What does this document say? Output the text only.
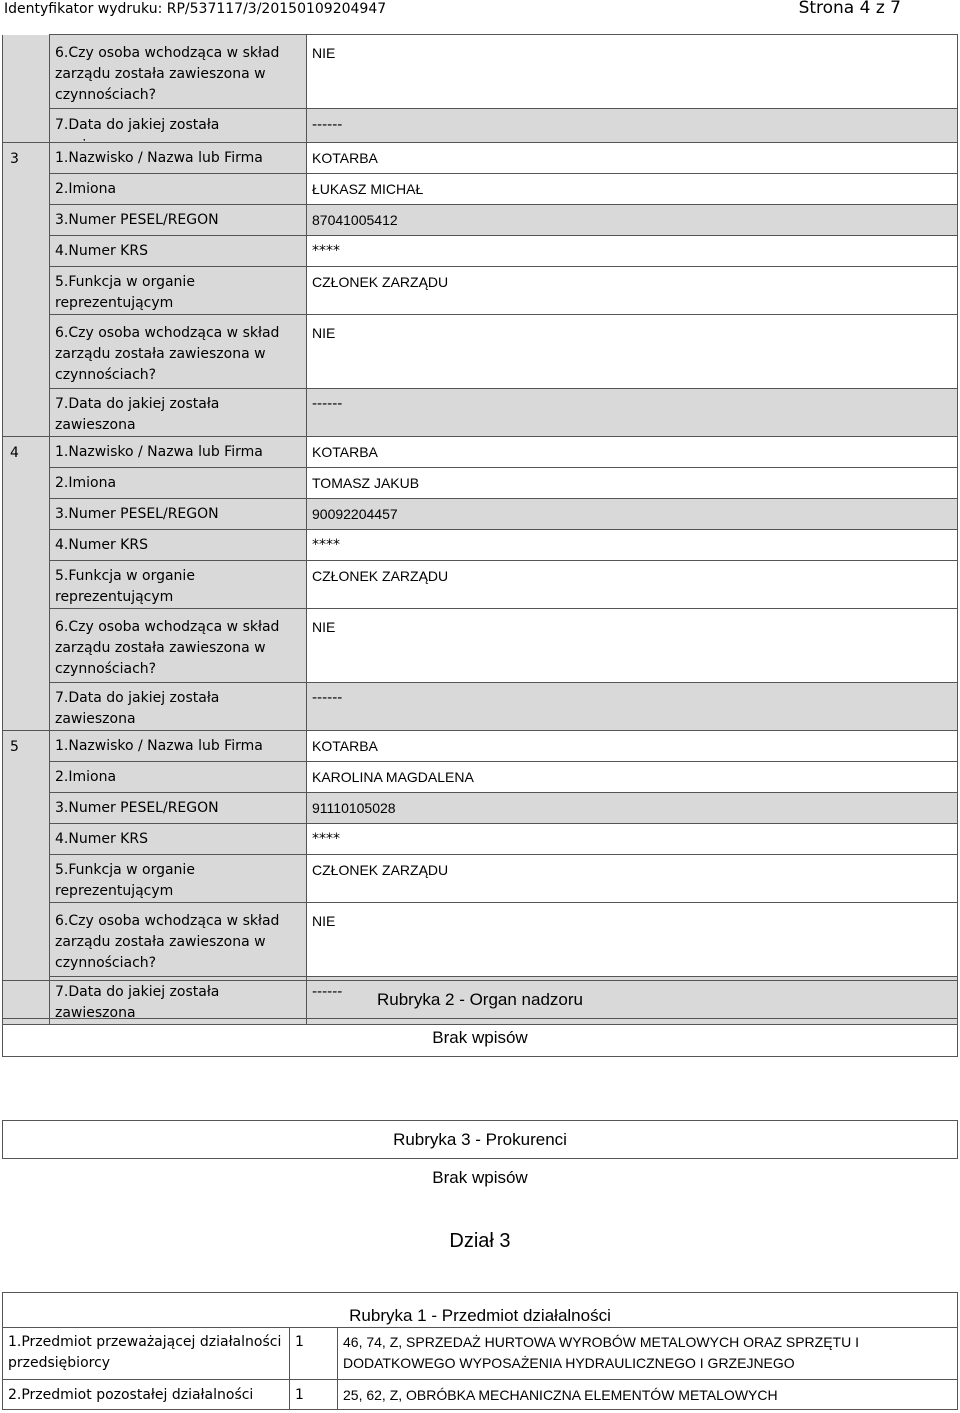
Identyfikator wydruku: RP/537117/3/20150109204947	Strona 4 z 7
	6.Czy osoba wchodząca w skład zarządu została zawieszona w czynnościach?	NIE
	7.Data do jakiej została	------
3	1.Nazwisko / Nazwa lub Firma	KOTARBA
	2.Imiona	ŁUKASZ MICHAŁ
	3.Numer PESEL/REGON	87041005412
	4.Numer KRS	****
	5.Funkcja w organie reprezentującym	CZŁONEK ZARZĄDU
	6.Czy osoba wchodząca w skład zarządu została zawieszona w czynnościach?	NIE
	7.Data do jakiej została zawieszona	------
4	1.Nazwisko / Nazwa lub Firma	KOTARBA
	2.Imiona	TOMASZ JAKUB
	3.Numer PESEL/REGON	90092204457
	4.Numer KRS	****
	5.Funkcja w organie reprezentującym	CZŁONEK ZARZĄDU
	6.Czy osoba wchodząca w skład zarządu została zawieszona w czynnościach?	NIE
	7.Data do jakiej została zawieszona	------
5	1.Nazwisko / Nazwa lub Firma	KOTARBA
	2.Imiona	KAROLINA MAGDALENA
	3.Numer PESEL/REGON	91110105028
	4.Numer KRS	****
	5.Funkcja w organie reprezentującym	CZŁONEK ZARZĄDU
	6.Czy osoba wchodząca w skład zarządu została zawieszona w czynnościach?	NIE
	7.Data do jakiej została zawieszona	------ Rubryka 2 - Organ nadzoru
Brak wpisów
Rubryka 3 - Prokurenci
Brak wpisów
Dział 3
Rubryka 1 - Przedmiot działalności		
1.Przedmiot przeważającej działalności przedsiębiorcy	1	46, 74, Z, SPRZEDAŻ HURTOWA WYROBÓW METALOWYCH ORAZ SPRZĘTU I DODATKOWEGO WYPOSAŻENIA HYDRAULICZNEGO I GRZEJNEGO
2.Przedmiot pozostałej działalności	1	25, 62, Z, OBRÓBKA MECHANICZNA ELEMENTÓW METALOWYCH
